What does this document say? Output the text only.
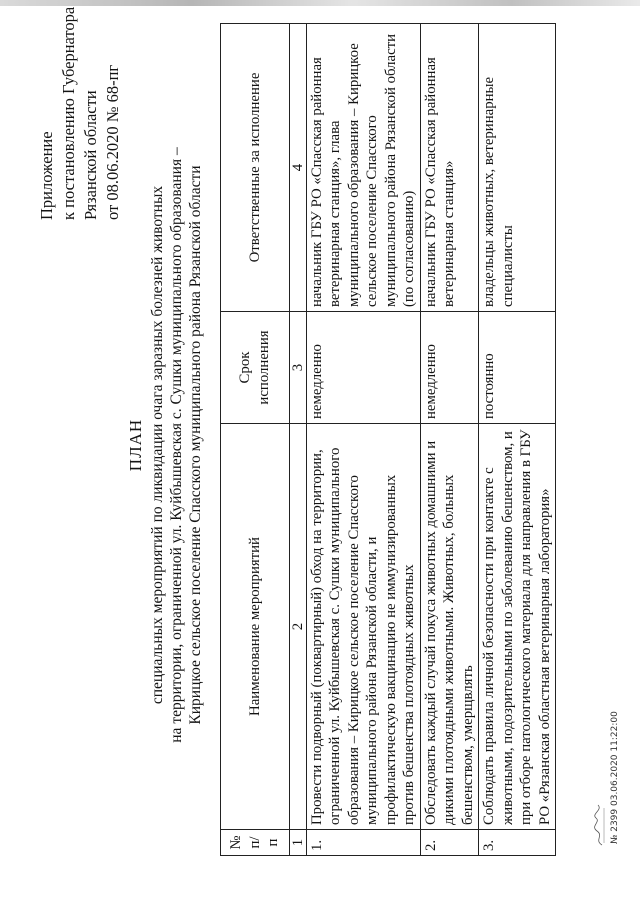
Приложение к постановлению Губернатора Рязанской области от 08.06.2020 № 68-пг
ПЛАН специальных мероприятий по ликвидации очага заразных болезней животных на территории, ограниченной ул. Куйбышевская с. Сушки муниципального образования – Кирицкое сельское поселение Спасского муниципального района Рязанской области
№ п/п	Наименование мероприятий	Срок исполнения	Ответственные за исполнение
1	2	3	4
1.	Провести подворный (поквартирный) обход на территории, ограниченной ул. Куйбышевская с. Сушки муниципального образования – Кирицкое сельское поселение Спасского муниципального района Рязанской области, и профилактическую вакцинацию не иммунизированных против бешенства плотоядных животных	немедленно	начальник ГБУ РО «Спасская районная ветеринарная станция», глава муниципального образования – Кирицкое сельское поселение Спасского муниципального района Рязанской области (по согласованию)
2.	Обследовать каждый случай покуса животных домашними и дикими плотоядными животными. Животных, больных бешенством, умерщвлять	немедленно	начальник ГБУ РО «Спасская районная ветеринарная станция»
3.	Соблюдать правила личной безопасности при контакте с животными, подозрительными по заболеванию бешенством, и при отборе патологического материала для направления в ГБУ РО «Рязанская областная ветеринарная лаборатория»	постоянно	владельцы животных, ветеринарные специалисты
№ 2399 03.06.2020 11:22:00
